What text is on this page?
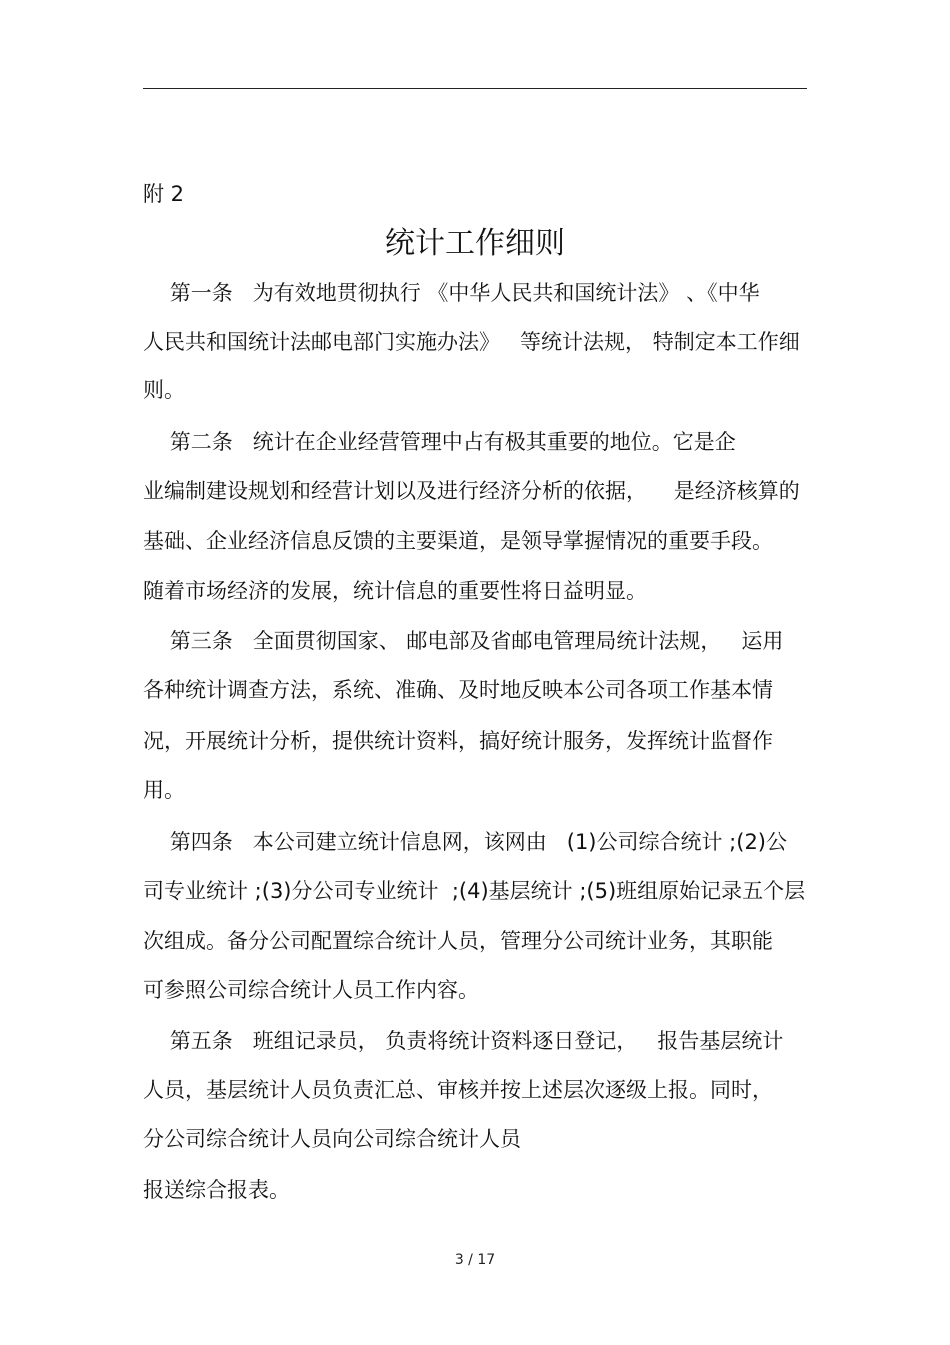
附 2
统计工作细则
第一条   为有效地贯彻执行 《中华人民共和国统计法》 、《中华
人民共和国统计法邮电部门实施办法》   等统计法规， 特制定本工作细
则。
第二条   统计在企业经营管理中占有极其重要的地位。它是企
业编制建设规划和经营计划以及进行经济分析的依据，    是经济核算的
基础、企业经济信息反馈的主要渠道，是领导掌握情况的重要手段。
随着市场经济的发展，统计信息的重要性将日益明显。
第三条   全面贯彻国家、 邮电部及省邮电管理局统计法规，   运用
各种统计调查方法，系统、准确、及时地反映本公司各项工作基本情
况，开展统计分析，提供统计资料，搞好统计服务，发挥统计监督作
用。
第四条   本公司建立统计信息网，该网由   (1)公司综合统计 ;(2)公
司专业统计 ;(3)分公司专业统计  ;(4)基层统计 ;(5)班组原始记录五个层
次组成。备分公司配置综合统计人员，管理分公司统计业务，其职能
可参照公司综合统计人员工作内容。
第五条   班组记录员， 负责将统计资料逐日登记，   报告基层统计
人员，基层统计人员负责汇总、审核并按上述层次逐级上报。同时，
分公司综合统计人员向公司综合统计人员
报送综合报表。
3 / 17
